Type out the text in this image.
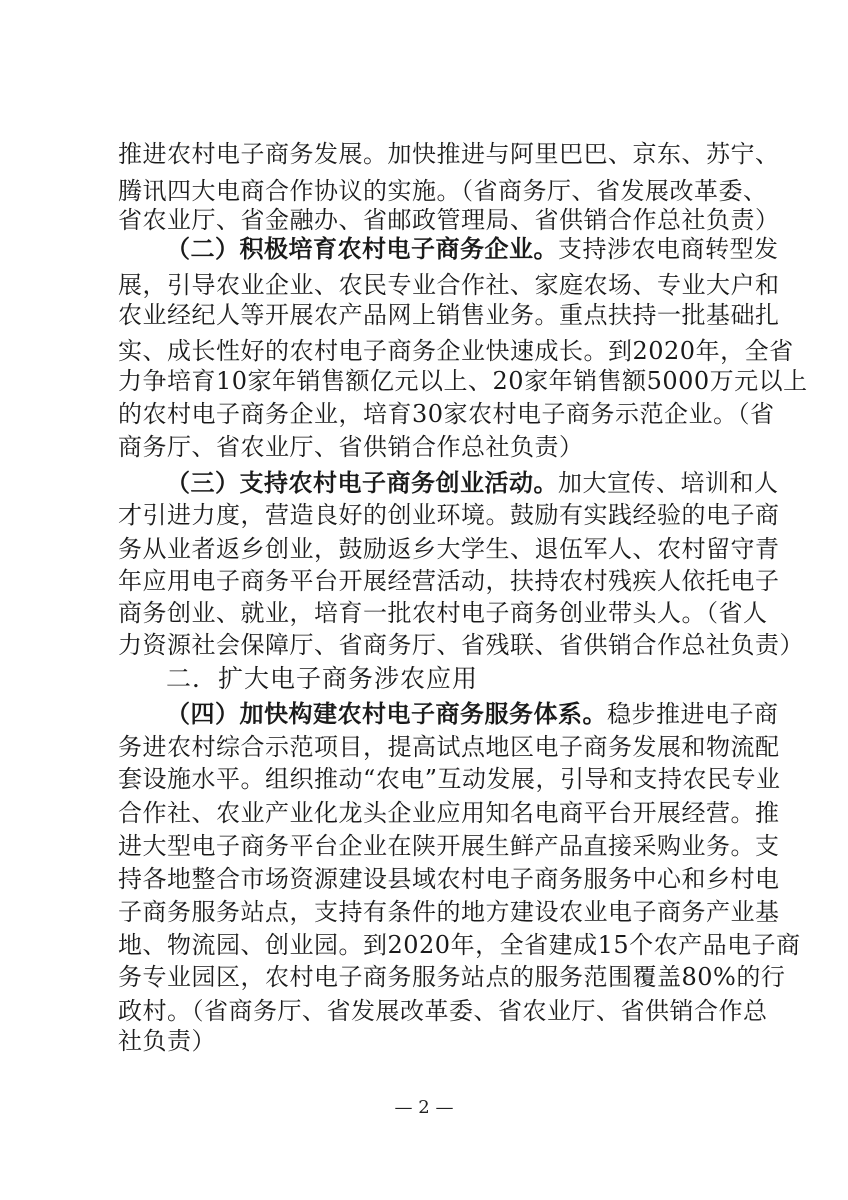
推进农村电子商务发展。加快推进与阿里巴巴、京东、苏宁、
腾讯四大电商合作协议的实施。（省商务厅、省发展改革委、
省农业厅、省金融办、省邮政管理局、省供销合作总社负责）
（二）积极培育农村电子商务企业。支持涉农电商转型发
展，引导农业企业、农民专业合作社、家庭农场、专业大户和
农业经纪人等开展农产品网上销售业务。重点扶持一批基础扎
实、成长性好的农村电子商务企业快速成长。到2020年，全省
力争培育10家年销售额亿元以上、20家年销售额5000万元以上
的农村电子商务企业，培育30家农村电子商务示范企业。（省
商务厅、省农业厅、省供销合作总社负责）
（三）支持农村电子商务创业活动。加大宣传、培训和人
才引进力度，营造良好的创业环境。鼓励有实践经验的电子商
务从业者返乡创业，鼓励返乡大学生、退伍军人、农村留守青
年应用电子商务平台开展经营活动，扶持农村残疾人依托电子
商务创业、就业，培育一批农村电子商务创业带头人。（省人
力资源社会保障厅、省商务厅、省残联、省供销合作总社负责）
二．扩大电子商务涉农应用
（四）加快构建农村电子商务服务体系。稳步推进电子商
务进农村综合示范项目，提高试点地区电子商务发展和物流配
套设施水平。组织推动“农电”互动发展，引导和支持农民专业
合作社、农业产业化龙头企业应用知名电商平台开展经营。推
进大型电子商务平台企业在陕开展生鲜产品直接采购业务。支
持各地整合市场资源建设县域农村电子商务服务中心和乡村电
子商务服务站点，支持有条件的地方建设农业电子商务产业基
地、物流园、创业园。到2020年，全省建成15个农产品电子商
务专业园区，农村电子商务服务站点的服务范围覆盖80%的行
政村。（省商务厅、省发展改革委、省农业厅、省供销合作总
社负责）
— 2 —
